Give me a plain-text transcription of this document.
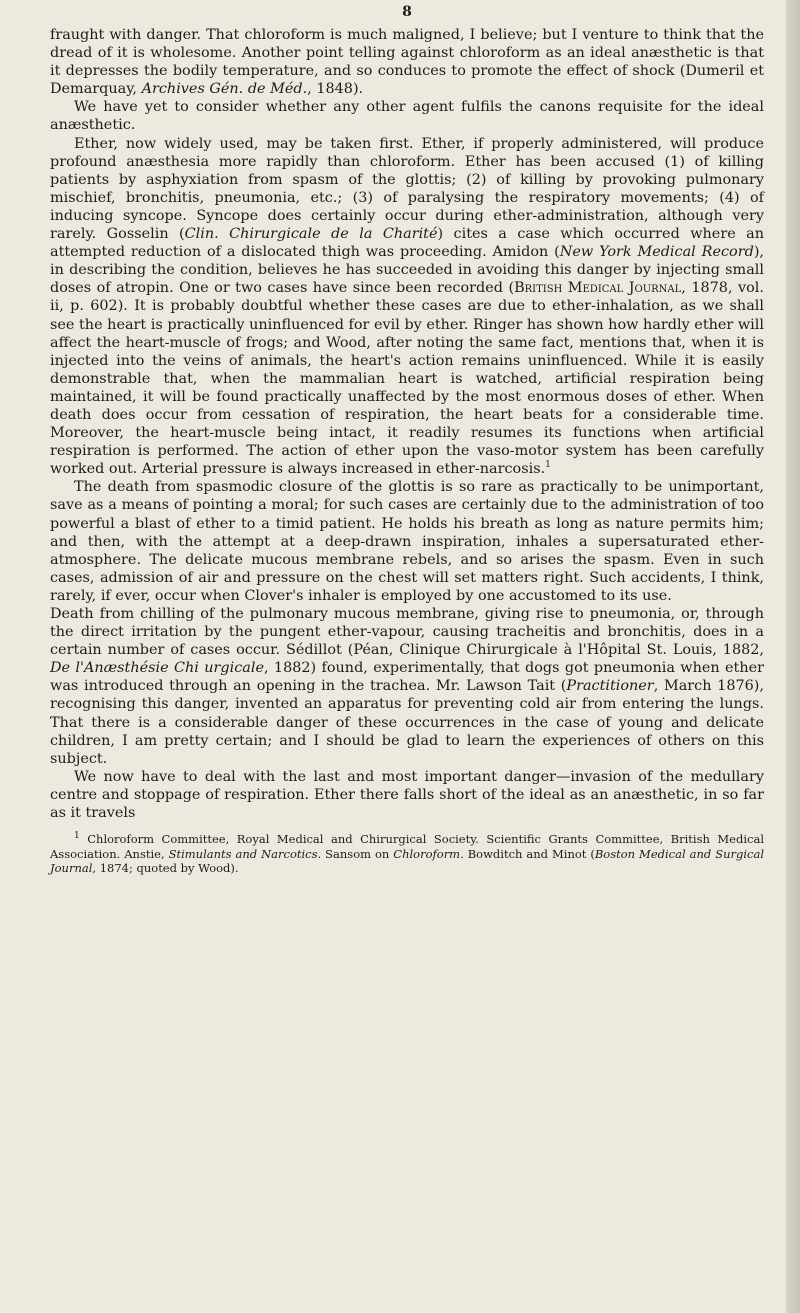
8

fraught with danger. That chloroform is much maligned, I believe; but I venture to think that the dread of it is wholesome. Another point telling against chloroform as an ideal anæsthetic is that it depresses the bodily temperature, and so conduces to promote the effect of shock (Dumeril et Demarquay, Archives Gén. de Méd., 1848).

We have yet to consider whether any other agent fulfils the canons requisite for the ideal anæsthetic.

Ether, now widely used, may be taken first. Ether, if properly administered, will produce profound anæsthesia more rapidly than chloroform. Ether has been accused (1) of killing patients by asphyxiation from spasm of the glottis; (2) of killing by provoking pulmonary mischief, bronchitis, pneumonia, etc.; (3) of paralysing the respiratory movements; (4) of inducing syncope. Syncope does certainly occur during ether-administration, although very rarely. Gosselin (Clin. Chirurgicale de la Charité) cites a case which occurred where an attempted reduction of a dislocated thigh was proceeding. Amidon (New York Medical Record), in describing the condition, believes he has succeeded in avoiding this danger by injecting small doses of atropin. One or two cases have since been recorded (British Medical Journal, 1878, vol. ii, p. 602). It is probably doubtful whether these cases are due to ether-inhalation, as we shall see the heart is practically uninfluenced for evil by ether. Ringer has shown how hardly ether will affect the heart-muscle of frogs; and Wood, after noting the same fact, mentions that, when it is injected into the veins of animals, the heart's action remains uninfluenced. While it is easily demonstrable that, when the mammalian heart is watched, artificial respiration being maintained, it will be found practically unaffected by the most enormous doses of ether. When death does occur from cessation of respiration, the heart beats for a considerable time. Moreover, the heart-muscle being intact, it readily resumes its functions when artificial respiration is performed. The action of ether upon the vaso-motor system has been carefully worked out. Arterial pressure is always increased in ether-narcosis.$^1$

The death from spasmodic closure of the glottis is so rare as practically to be unimportant, save as a means of pointing a moral; for such cases are certainly due to the administration of too powerful a blast of ether to a timid patient. He holds his breath as long as nature permits him; and then, with the attempt at a deep-drawn inspiration, inhales a supersaturated ether-atmosphere. The delicate mucous membrane rebels, and so arises the spasm. Even in such cases, admission of air and pressure on the chest will set matters right. Such accidents, I think, rarely, if ever, occur when Clover's inhaler is employed by one accustomed to its use.

Death from chilling of the pulmonary mucous membrane, giving rise to pneumonia, or, through the direct irritation by the pungent ether-vapour, causing tracheitis and bronchitis, does in a certain number of cases occur. Sédillot (Péan, Clinique Chirurgicale à l'Hôpital St. Louis, 1882, De l'Anæsthésie Chi urgicale, 1882) found, experimentally, that dogs got pneumonia when ether was introduced through an opening in the trachea. Mr. Lawson Tait (Practitioner, March 1876), recognising this danger, invented an apparatus for preventing cold air from entering the lungs. That there is a considerable danger of these occurrences in the case of young and delicate children, I am pretty certain; and I should be glad to learn the experiences of others on this subject.

We now have to deal with the last and most important danger—invasion of the medullary centre and stoppage of respiration. Ether there falls short of the ideal as an anæsthetic, in so far as it travels

$^1$ Chloroform Committee, Royal Medical and Chirurgical Society. Scientific Grants Committee, British Medical Association. Anstie, Stimulants and Narcotics. Sansom on Chloroform. Bowditch and Minot (Boston Medical and Surgical Journal, 1874; quoted by Wood).
